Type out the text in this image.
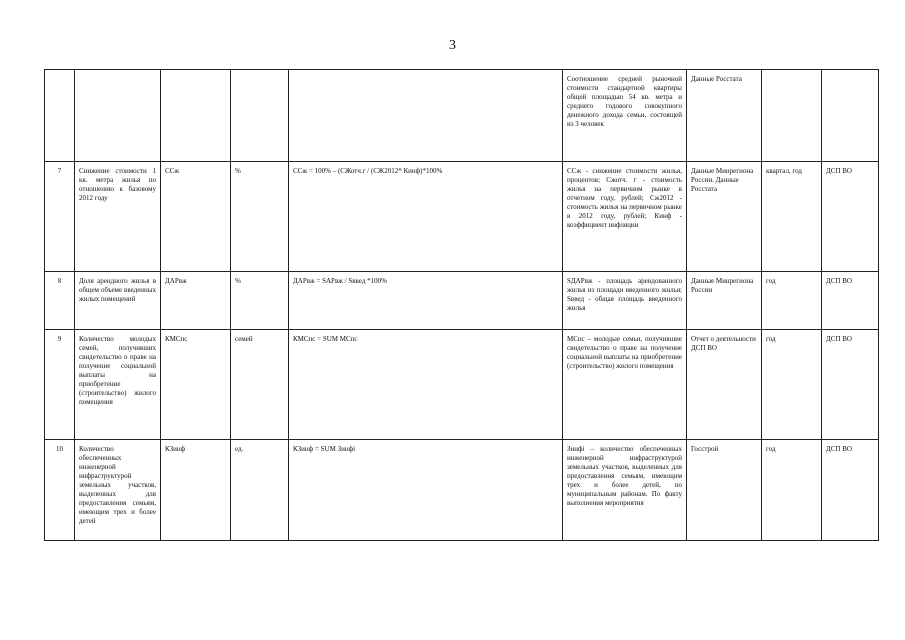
3
					Соотношение средней рыночной стоимости стандартной квартиры общей площадью 54 кв. метра и среднего годового совокупного денежного дохода семьи, состоящей из 3 человек	Данные Росстата		
7	Снижение стоимости 1 кв. метра жилья по отношению к базовому 2012 году	ССж	%	ССж = 100% – (СЖотч.г / (СЖ2012* Кинф)*100%	ССж - снижение стоимости жилья, процентов; Сжотч. г - стоимость жилья на первичном рынке в отчетном году, рублей; Сж2012 - стоимость жилья на первичном рынке в 2012 году, рублей; Кинф - коэффициент инфляции	Данные Минрегиона России. Данные Росстата	квартал, год	ДСП ВО
8	Доля арендного жилья в общем объеме введенных жилых помещений	ДАРвж	%	ДАРвж = SАРвж / Sввед *100%	SДАРвж - площадь арендованного жилья из площади введенного жилья; Sввед - общая площадь введенного жилья	Данные Минрегиона России	год	ДСП ВО
9	Количество молодых семей, получивших свидетельство о праве на получение социальной выплаты на приобретение (строительство) жилого помещения	КМСпс	семей	КМСпс = SUM МСпс	МСпс – молодые семьи, получившие свидетельство о праве на получение социальной выплаты на приобретение (строительство) жилого помещения	Отчет о деятельности ДСП ВО	год	ДСП ВО
10	Количество обеспеченных инженерной инфраструктурой земельных участков, выделенных для предоставления семьям, имеющим трех и более детей	КЗинф	ед.	КЗинф = SUM Зинфi	Зинфi – количество обеспеченных инженерной инфраструктурой земельных участков, выделенных для предоставления семьям, имеющим трех и более детей, по муниципальным районам. По факту выполнения мероприятия	Госстрой	год	ДСП ВО
